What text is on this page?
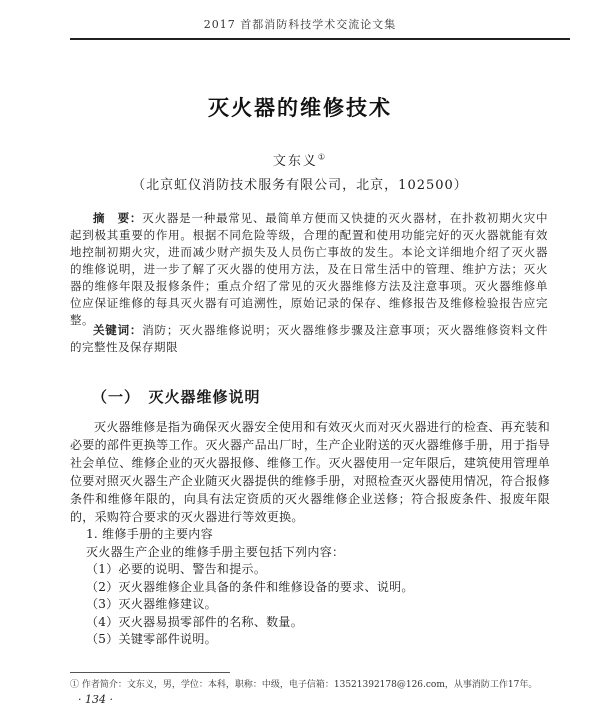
2017 首都消防科技学术交流论文集
灭火器的维修技术
文东义①
（北京虹仪消防技术服务有限公司，北京，102500）

摘　要：灭火器是一种最常见、最简单方便而又快捷的灭火器材，在扑救初期火灾中起到极其重要的作用。根据不同危险等级，合理的配置和使用功能完好的灭火器就能有效地控制初期火灾，进而减少财产损失及人员伤亡事故的发生。本论文详细地介绍了灭火器的维修说明，进一步了解了灭火器的使用方法，及在日常生活中的管理、维护方法；灭火器的维修年限及报修条件；重点介绍了常见的灭火器维修方法及注意事项。灭火器维修单位应保证维修的每具灭火器有可追溯性，原始记录的保存、维修报告及维修检验报告应完整。

关键词：消防；灭火器维修说明；灭火器维修步骤及注意事项；灭火器维修资料文件的完整性及保存期限

（一）　灭火器维修说明

灭火器维修是指为确保灭火器安全使用和有效灭火而对灭火器进行的检查、再充装和必要的部件更换等工作。灭火器产品出厂时，生产企业附送的灭火器维修手册，用于指导社会单位、维修企业的灭火器报修、维修工作。灭火器使用一定年限后，建筑使用管理单位要对照灭火器生产企业随灭火器提供的维修手册，对照检查灭火器使用情况，符合报修条件和维修年限的，向具有法定资质的灭火器维修企业送修；符合报废条件、报废年限的，采购符合要求的灭火器进行等效更换。

1. 维修手册的主要内容
灭火器生产企业的维修手册主要包括下列内容：
（1）必要的说明、警告和提示。
（2）灭火器维修企业具备的条件和维修设备的要求、说明。
（3）灭火器维修建议。
（4）灭火器易损零部件的名称、数量。
（5）关键零部件说明。
① 作者简介：文东义，男，学位：本科，职称：中级，电子信箱：13521392178@126.com，从事消防工作17年。
· 134 ·
